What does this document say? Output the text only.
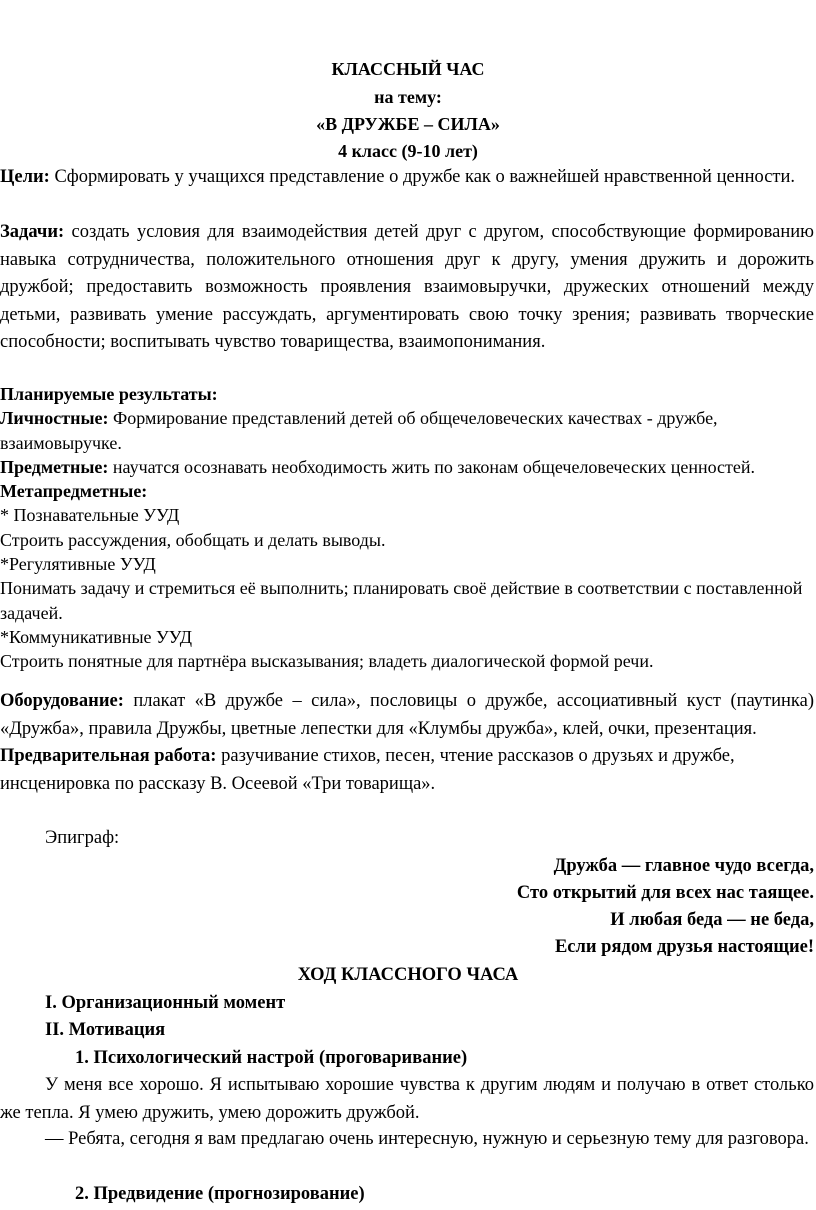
КЛАССНЫЙ ЧАС
на тему:
«В ДРУЖБЕ – СИЛА»
4 класс (9-10 лет)
Цели: Сформировать у учащихся представление о дружбе как о важнейшей нравственной ценности.
Задачи: создать условия для взаимодействия детей друг с другом, способствующие формированию навыка сотрудничества, положительного отношения друг к другу, умения дружить и дорожить дружбой; предоставить возможность проявления взаимовыручки, дружеских отношений между детьми, развивать умение рассуждать, аргументировать свою точку зрения; развивать творческие способности; воспитывать чувство товарищества, взаимопонимания.
Планируемые результаты:
Личностные: Формирование представлений детей об общечеловеческих качествах - дружбе, взаимовыручке.
Предметные: научатся осознавать необходимость жить по законам общечеловеческих ценностей.
Метапредметные:
* Познавательные УУД
Строить рассуждения, обобщать и делать выводы.
*Регулятивные УУД
Понимать задачу и стремиться её выполнить; планировать своё действие в соответствии с поставленной задачей.
*Коммуникативные УУД
Строить понятные для партнёра высказывания; владеть диалогической формой речи.
Оборудование: плакат «В дружбе – сила», пословицы о дружбе, ассоциативный куст (паутинка) «Дружба», правила Дружбы, цветные лепестки для «Клумбы дружба», клей, очки, презентация.
Предварительная работа: разучивание стихов, песен, чтение рассказов о друзьях и дружбе, инсценировка по рассказу В. Осеевой «Три товарища».
Эпиграф:
Дружба — главное чудо всегда,
Сто открытий для всех нас таящее.
И любая беда — не беда,
Если рядом друзья настоящие!
ХОД КЛАССНОГО ЧАСА
I. Организационный момент
II. Мотивация
1. Психологический настрой (проговаривание)
У меня все хорошо. Я испытываю хорошие чувства к другим людям и получаю в ответ столько же тепла. Я умею дружить, умею дорожить дружбой.
— Ребята, сегодня я вам предлагаю очень интересную, нужную и серьезную тему для разговора.
2. Предвидение (прогнозирование)
